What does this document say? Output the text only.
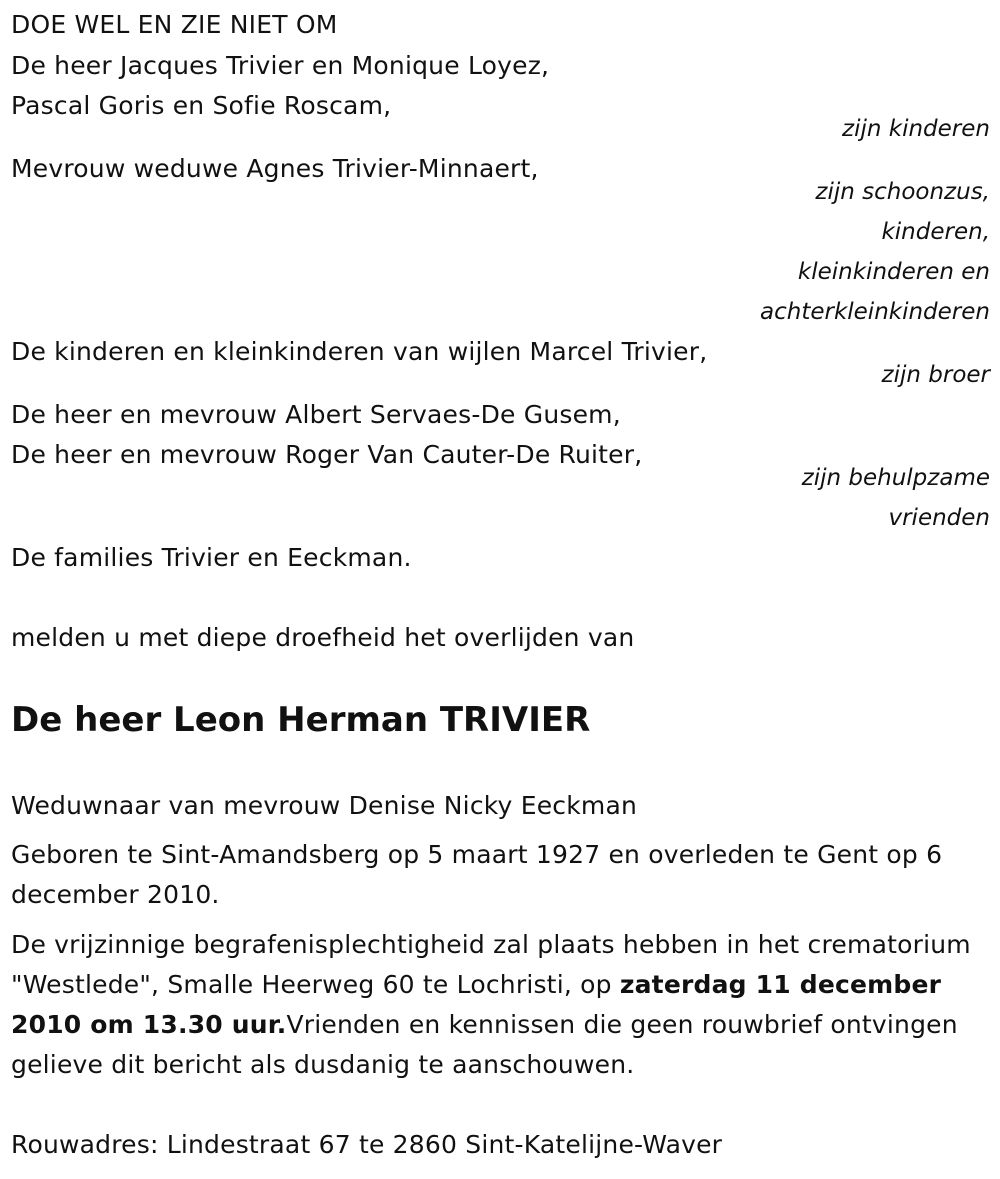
DOE WEL EN ZIE NIET OM
De heer Jacques Trivier en Monique Loyez,
Pascal Goris en Sofie Roscam,
zijn kinderen
Mevrouw weduwe Agnes Trivier-Minnaert,
zijn schoonzus,
kinderen,
kleinkinderen en
achterkleinkinderen
De kinderen en kleinkinderen van wijlen Marcel Trivier,
zijn broer
De heer en mevrouw Albert Servaes-De Gusem,
De heer en mevrouw Roger Van Cauter-De Ruiter,
zijn behulpzame
vrienden
De families Trivier en Eeckman.
melden u met diepe droefheid het overlijden van
De heer Leon Herman TRIVIER
Weduwnaar van mevrouw Denise Nicky Eeckman
Geboren te Sint-Amandsberg op 5 maart 1927 en overleden te Gent op 6 december 2010.
De vrijzinnige begrafenisplechtigheid zal plaats hebben in het crematorium "Westlede", Smalle Heerweg 60 te Lochristi, op zaterdag 11 december 2010 om 13.30 uur.Vrienden en kennissen die geen rouwbrief ontvingen gelieve dit bericht als dusdanig te aanschouwen.
Rouwadres: Lindestraat 67 te 2860 Sint-Katelijne-Waver
